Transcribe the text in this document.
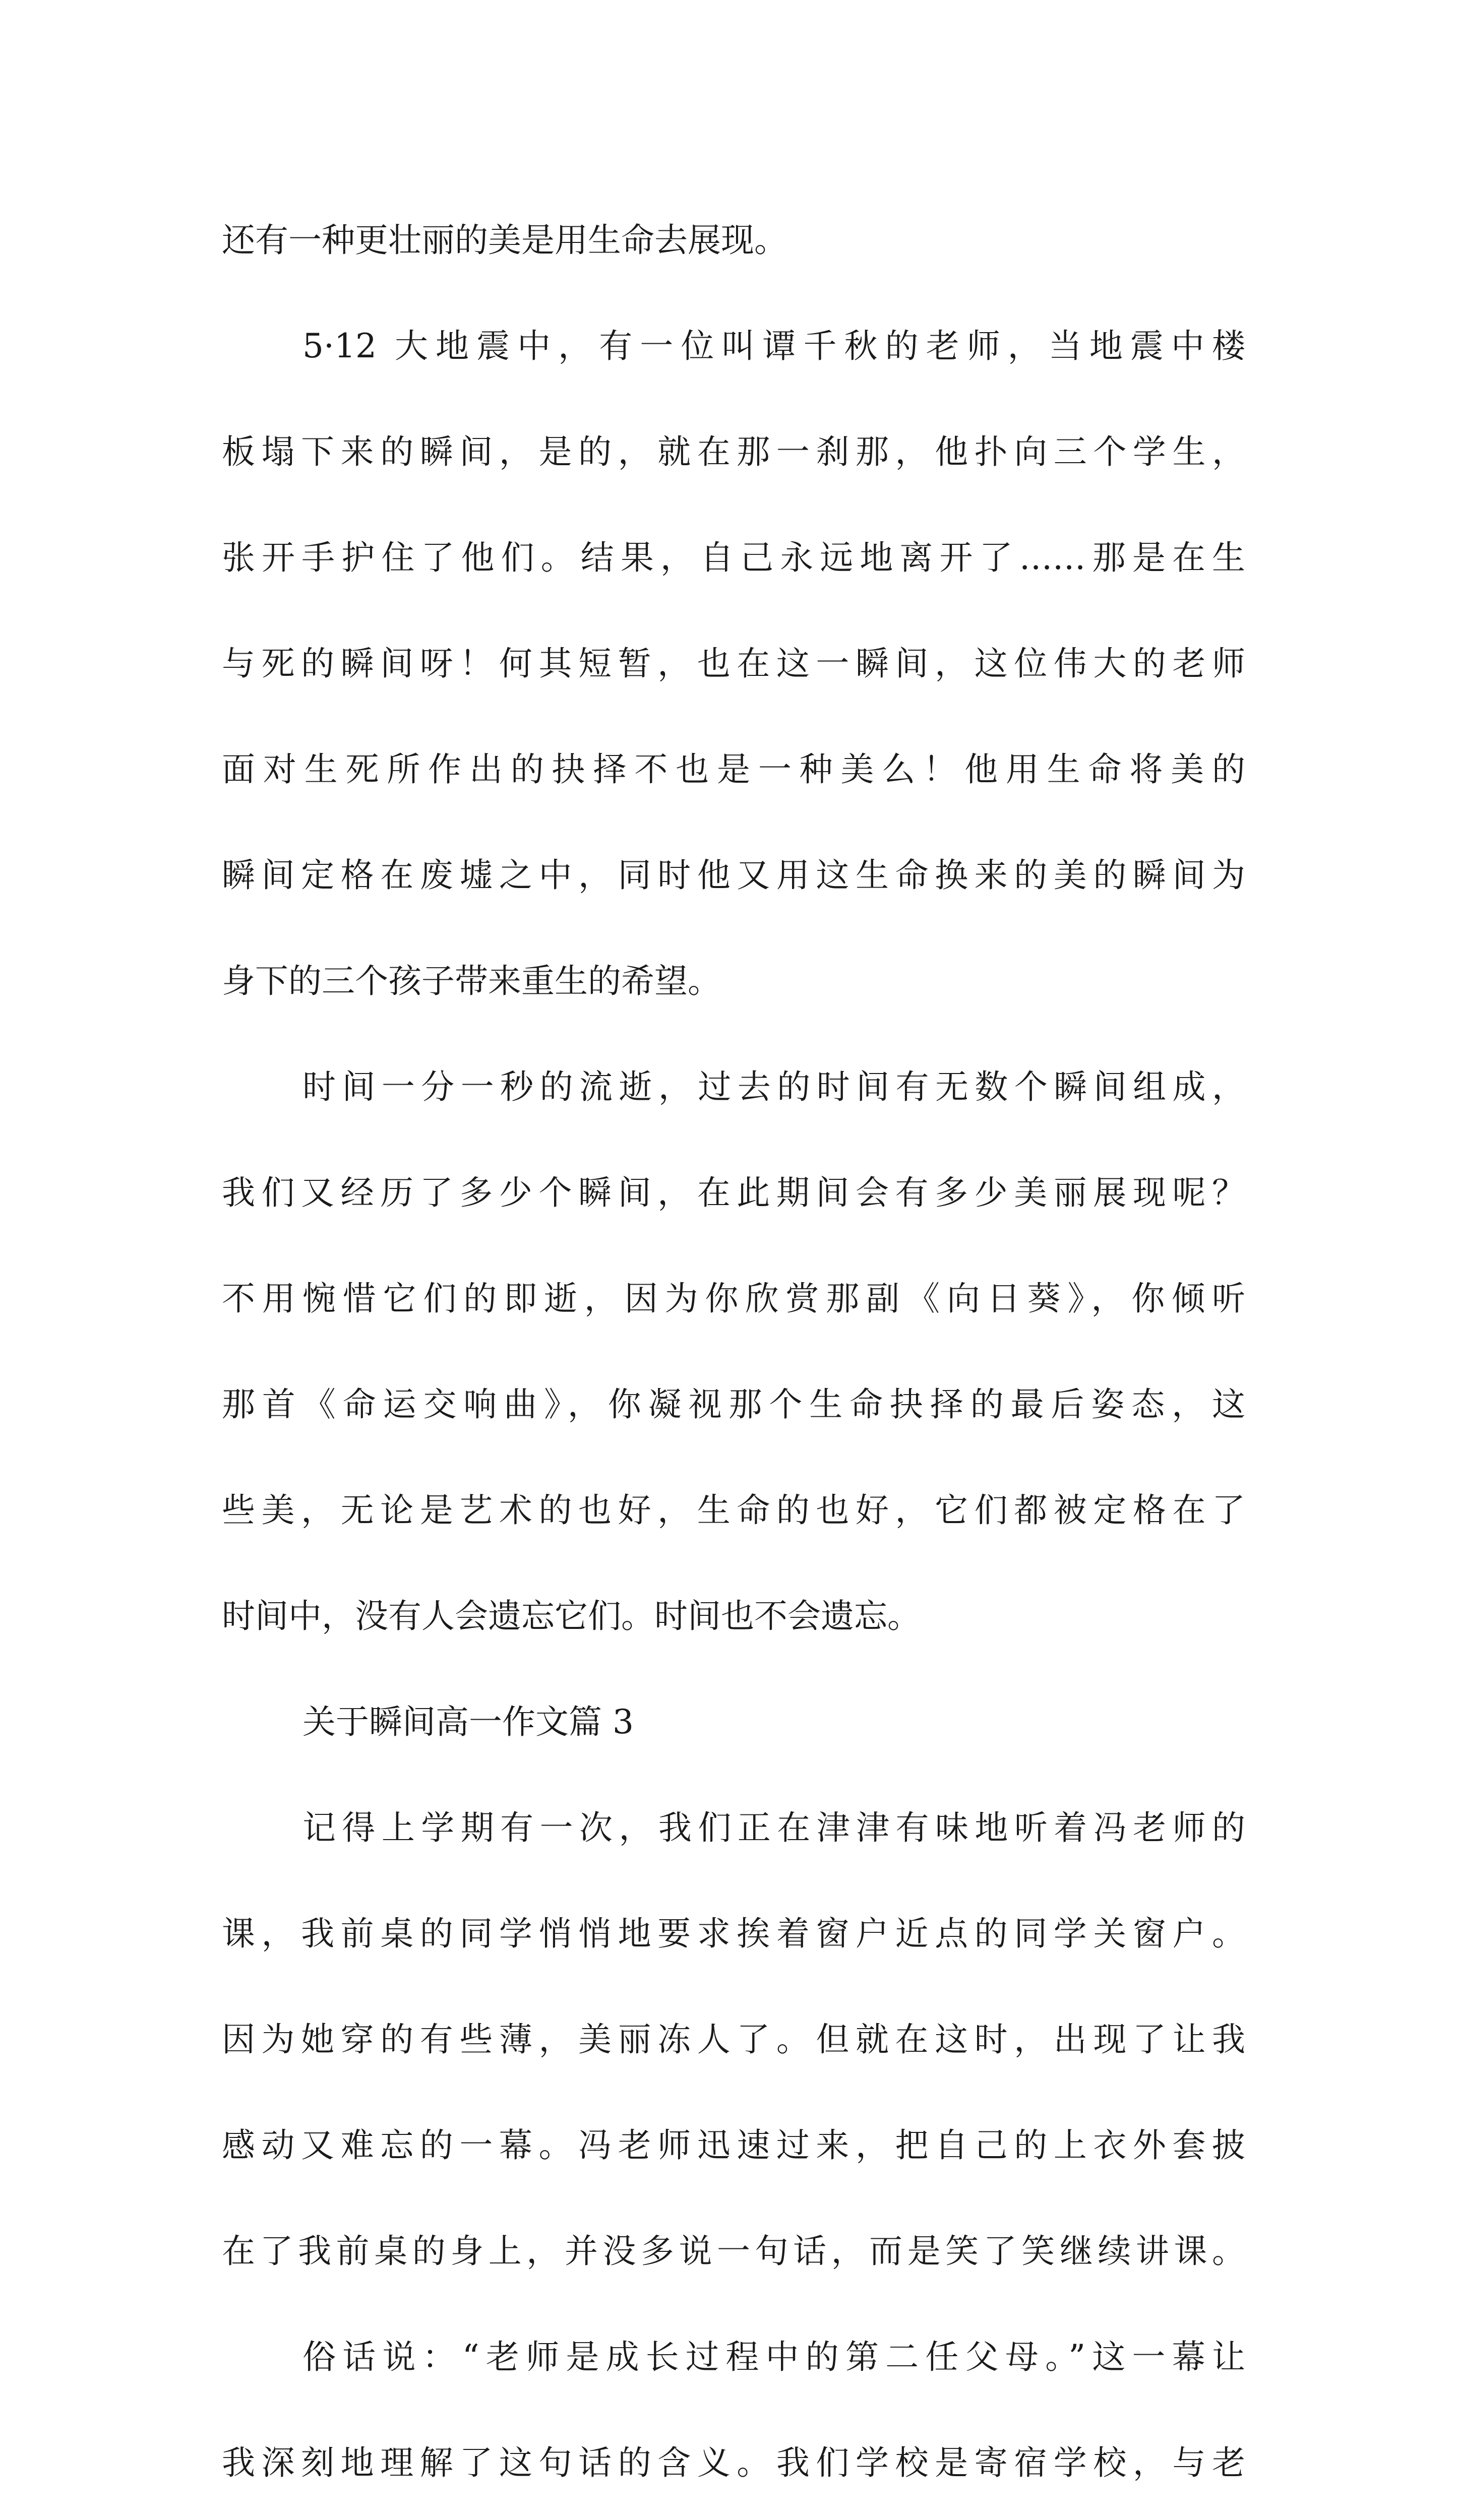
还有一种更壮丽的美是用生命去展现。
5·12 大地震中，有一位叫谭千秋的老师，当地震中楼
板塌下来的瞬间，是的，就在那一刹那，他扑向三个学生，
张开手护住了他们。结果，自己永远地离开了……那是在生
与死的瞬间呀！何其短暂，也在这一瞬间，这位伟大的老师
面对生死所作出的抉择不也是一种美么！他用生命将美的
瞬间定格在废墟之中，同时他又用这生命换来的美的瞬间为
身下的三个孩子带来重生的希望。
时间一分一秒的流逝，过去的时间有无数个瞬间组成，
我们又经历了多少个瞬间，在此期间会有多少美丽展现呢？
不用惋惜它们的即逝，因为你欣赏那副《向日葵》，你倾听
那首《命运交响曲》，你凝视那个生命抉择的最后姿态，这
些美，无论是艺术的也好，生命的也好，它们都被定格在了
时间中，没有人会遗忘它们。时间也不会遗忘。
关于瞬间高一作文篇 3
记得上学期有一次，我们正在津津有味地听着冯老师的
课，我前桌的同学悄悄地要求挨着窗户近点的同学关窗户。
因为她穿的有些薄，美丽冻人了。但就在这时，出现了让我
感动又难忘的一幕。冯老师迅速过来，把自己的上衣外套披
在了我前桌的身上，并没多说一句话，而是笑了笑继续讲课。
俗话说：“老师是成长过程中的第二任父母。”这一幕让
我深刻地理解了这句话的含义。我们学校是寄宿学校，与老
